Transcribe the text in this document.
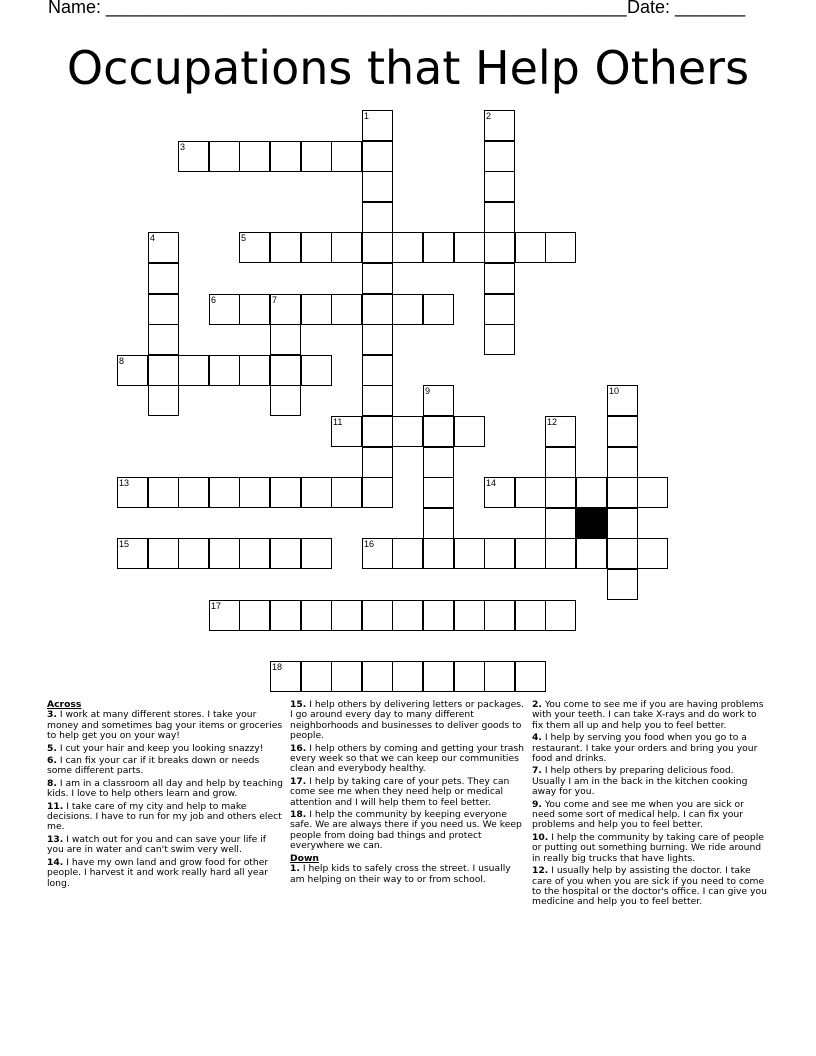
Name: ____________________________________________________ Date: _______
Occupations that Help Others
3
5
6	7
8
11
13	14
15	16
17
18
1	2
4
9	10
12
Across
3. I work at many different stores. I take your money and sometimes bag your items or groceries to help get you on your way!
5. I cut your hair and keep you looking snazzy!
6. I can fix your car if it breaks down or needs some different parts.
8. I am in a classroom all day and help by teaching kids. I love to help others learn and grow.
11. I take care of my city and help to make decisions. I have to run for my job and others elect me.
13. I watch out for you and can save your life if you are in water and can't swim very well.
14. I have my own land and grow food for other people. I harvest it and work really hard all year long.
15. I help others by delivering letters or packages. I go around every day to many different neighborhoods and businesses to deliver goods to people.
16. I help others by coming and getting your trash every week so that we can keep our communities clean and everybody healthy.
17. I help by taking care of your pets. They can come see me when they need help or medical attention and I will help them to feel better.
18. I help the community by keeping everyone safe. We are always there if you need us. We keep people from doing bad things and protect everywhere we can.
Down
1. I help kids to safely cross the street. I usually am helping on their way to or from school.
2. You come to see me if you are having problems with your teeth. I can take X-rays and do work to fix them all up and help you to feel better.
4. I help by serving you food when you go to a restaurant. I take your orders and bring you your food and drinks.
7. I help others by preparing delicious food. Usually I am in the back in the kitchen cooking away for you.
9. You come and see me when you are sick or need some sort of medical help. I can fix your problems and help you to feel better.
10. I help the community by taking care of people or putting out something burning. We ride around in really big trucks that have lights.
12. I usually help by assisting the doctor. I take care of you when you are sick if you need to come to the hospital or the doctor's office. I can give you medicine and help you to feel better.
